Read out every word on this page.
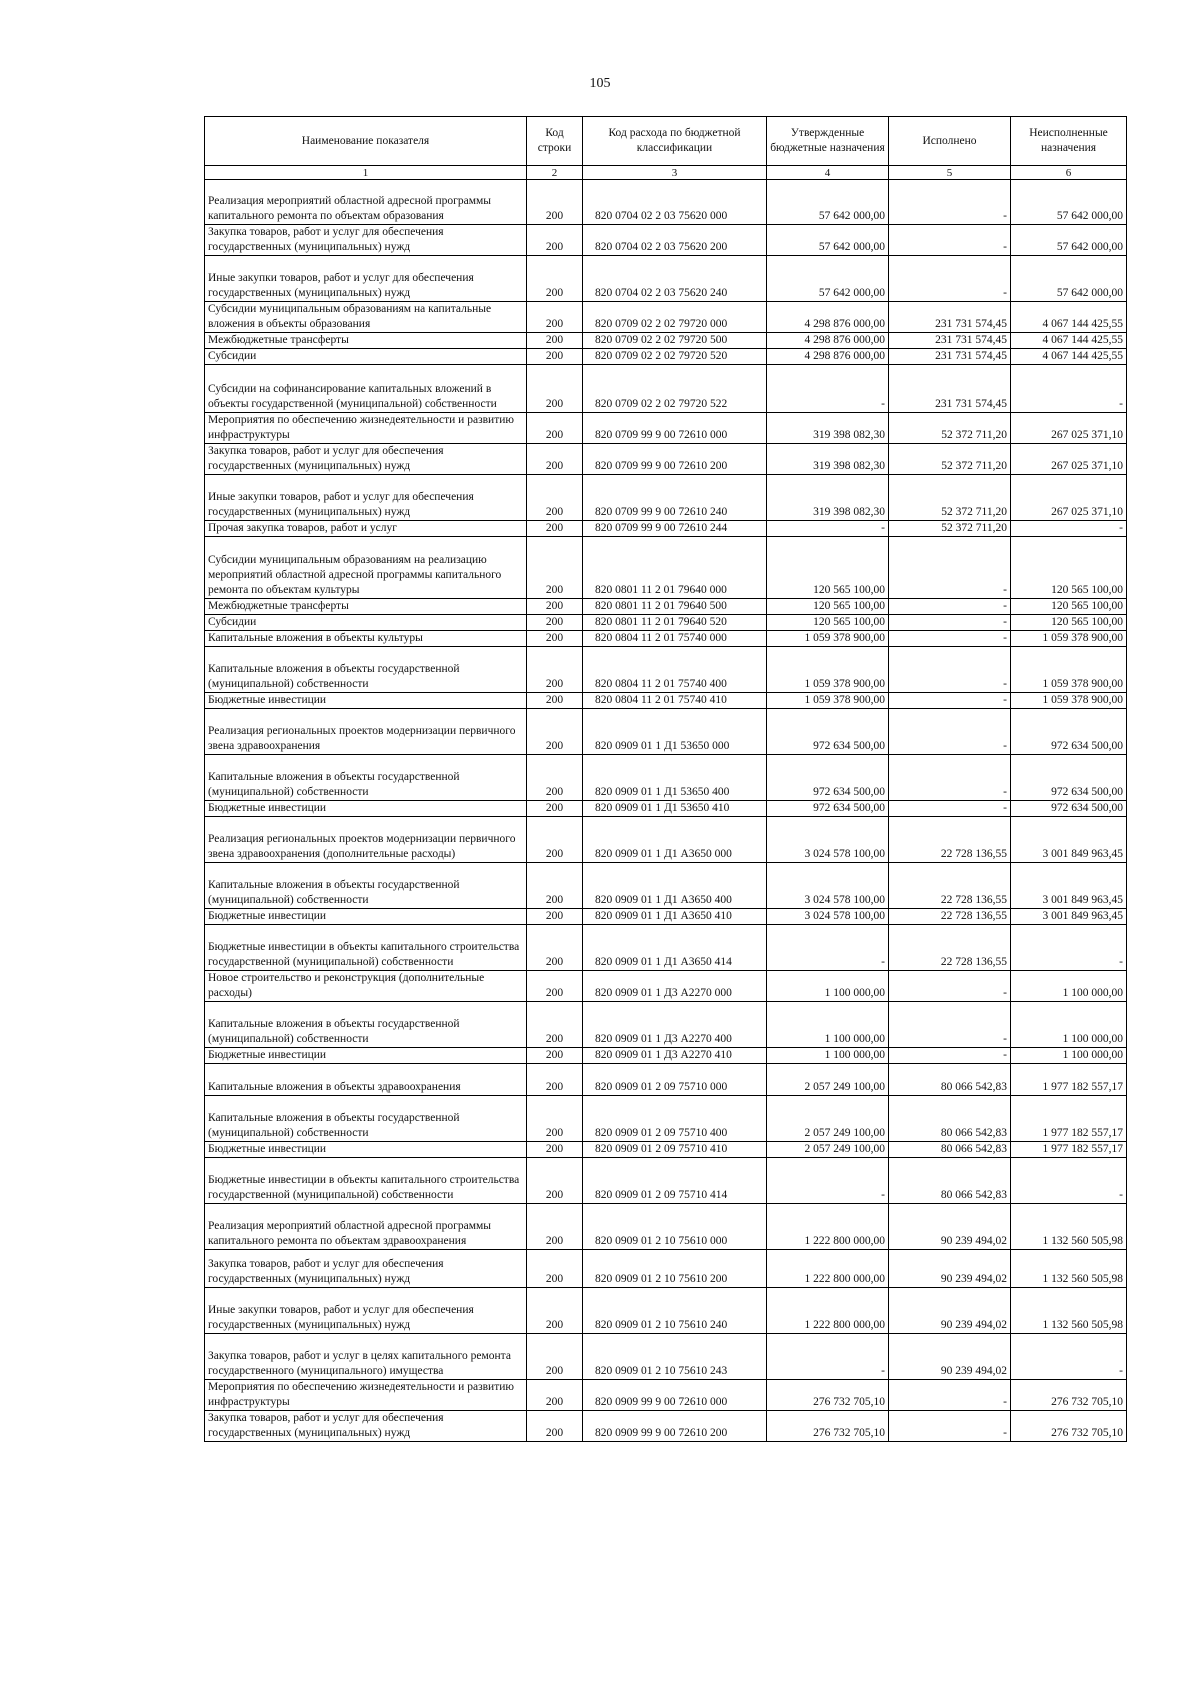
105
Наименование показателя	Код строки	Код расхода по бюджетной классификации	Утвержденные бюджетные назначения	Исполнено	Неисполненные назначения
1	2	3	4	5	6
Реализация мероприятий областной адресной программы капитального ремонта по объектам образования	200	820 0704 02 2 03 75620 000	57 642 000,00	-	57 642 000,00
Закупка товаров, работ и услуг для обеспечения государственных (муниципальных) нужд	200	820 0704 02 2 03 75620 200	57 642 000,00	-	57 642 000,00
Иные закупки товаров, работ и услуг для обеспечения государственных (муниципальных) нужд	200	820 0704 02 2 03 75620 240	57 642 000,00	-	57 642 000,00
Субсидии муниципальным образованиям на капитальные вложения в объекты образования	200	820 0709 02 2 02 79720 000	4 298 876 000,00	231 731 574,45	4 067 144 425,55
Межбюджетные трансферты	200	820 0709 02 2 02 79720 500	4 298 876 000,00	231 731 574,45	4 067 144 425,55
Субсидии	200	820 0709 02 2 02 79720 520	4 298 876 000,00	231 731 574,45	4 067 144 425,55
Субсидии на софинансирование капитальных вложений в объекты государственной (муниципальной) собственности	200	820 0709 02 2 02 79720 522	-	231 731 574,45	-
Мероприятия по обеспечению жизнедеятельности и развитию инфраструктуры	200	820 0709 99 9 00 72610 000	319 398 082,30	52 372 711,20	267 025 371,10
Закупка товаров, работ и услуг для обеспечения государственных (муниципальных) нужд	200	820 0709 99 9 00 72610 200	319 398 082,30	52 372 711,20	267 025 371,10
Иные закупки товаров, работ и услуг для обеспечения государственных (муниципальных) нужд	200	820 0709 99 9 00 72610 240	319 398 082,30	52 372 711,20	267 025 371,10
Прочая закупка товаров, работ и услуг	200	820 0709 99 9 00 72610 244	-	52 372 711,20	-
Субсидии муниципальным образованиям на реализацию мероприятий областной адресной программы капитального ремонта по объектам культуры	200	820 0801 11 2 01 79640 000	120 565 100,00	-	120 565 100,00
Межбюджетные трансферты	200	820 0801 11 2 01 79640 500	120 565 100,00	-	120 565 100,00
Субсидии	200	820 0801 11 2 01 79640 520	120 565 100,00	-	120 565 100,00
Капитальные вложения в объекты культуры	200	820 0804 11 2 01 75740 000	1 059 378 900,00	-	1 059 378 900,00
Капитальные вложения в объекты государственной (муниципальной) собственности	200	820 0804 11 2 01 75740 400	1 059 378 900,00	-	1 059 378 900,00
Бюджетные инвестиции	200	820 0804 11 2 01 75740 410	1 059 378 900,00	-	1 059 378 900,00
Реализация региональных проектов модернизации первичного звена здравоохранения	200	820 0909 01 1 Д1 53650 000	972 634 500,00	-	972 634 500,00
Капитальные вложения в объекты государственной (муниципальной) собственности	200	820 0909 01 1 Д1 53650 400	972 634 500,00	-	972 634 500,00
Бюджетные инвестиции	200	820 0909 01 1 Д1 53650 410	972 634 500,00	-	972 634 500,00
Реализация региональных проектов модернизации первичного звена здравоохранения (дополнительные расходы)	200	820 0909 01 1 Д1 А3650 000	3 024 578 100,00	22 728 136,55	3 001 849 963,45
Капитальные вложения в объекты государственной (муниципальной) собственности	200	820 0909 01 1 Д1 А3650 400	3 024 578 100,00	22 728 136,55	3 001 849 963,45
Бюджетные инвестиции	200	820 0909 01 1 Д1 А3650 410	3 024 578 100,00	22 728 136,55	3 001 849 963,45
Бюджетные инвестиции в объекты капитального строительства государственной (муниципальной) собственности	200	820 0909 01 1 Д1 А3650 414	-	22 728 136,55	-
Новое строительство и реконструкция (дополнительные расходы)	200	820 0909 01 1 Д3 А2270 000	1 100 000,00	-	1 100 000,00
Капитальные вложения в объекты государственной (муниципальной) собственности	200	820 0909 01 1 Д3 А2270 400	1 100 000,00	-	1 100 000,00
Бюджетные инвестиции	200	820 0909 01 1 Д3 А2270 410	1 100 000,00	-	1 100 000,00
Капитальные вложения в объекты здравоохранения	200	820 0909 01 2 09 75710 000	2 057 249 100,00	80 066 542,83	1 977 182 557,17
Капитальные вложения в объекты государственной (муниципальной) собственности	200	820 0909 01 2 09 75710 400	2 057 249 100,00	80 066 542,83	1 977 182 557,17
Бюджетные инвестиции	200	820 0909 01 2 09 75710 410	2 057 249 100,00	80 066 542,83	1 977 182 557,17
Бюджетные инвестиции в объекты капитального строительства государственной (муниципальной) собственности	200	820 0909 01 2 09 75710 414	-	80 066 542,83	-
Реализация мероприятий областной адресной программы капитального ремонта по объектам здравоохранения	200	820 0909 01 2 10 75610 000	1 222 800 000,00	90 239 494,02	1 132 560 505,98
Закупка товаров, работ и услуг для обеспечения государственных (муниципальных) нужд	200	820 0909 01 2 10 75610 200	1 222 800 000,00	90 239 494,02	1 132 560 505,98
Иные закупки товаров, работ и услуг для обеспечения государственных (муниципальных) нужд	200	820 0909 01 2 10 75610 240	1 222 800 000,00	90 239 494,02	1 132 560 505,98
Закупка товаров, работ и услуг в целях капитального ремонта государственного (муниципального) имущества	200	820 0909 01 2 10 75610 243	-	90 239 494,02	-
Мероприятия по обеспечению жизнедеятельности и развитию инфраструктуры	200	820 0909 99 9 00 72610 000	276 732 705,10	-	276 732 705,10
Закупка товаров, работ и услуг для обеспечения государственных (муниципальных) нужд	200	820 0909 99 9 00 72610 200	276 732 705,10	-	276 732 705,10
